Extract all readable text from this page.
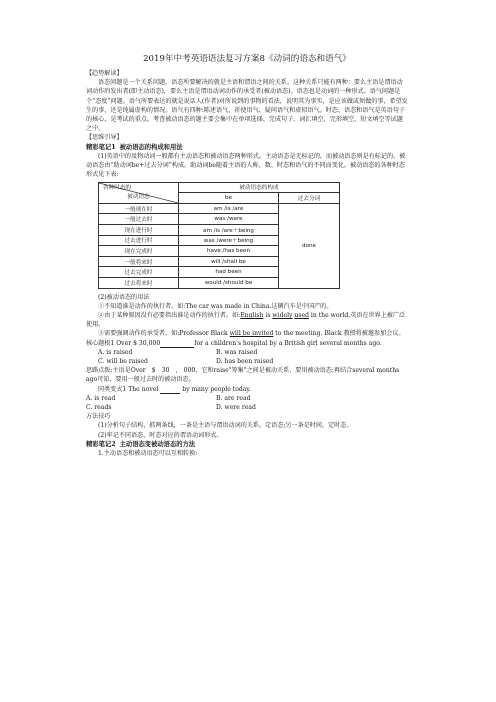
2019年中考英语语法复习方案8《动词的语态和语气》

【趋势解读】

语态问题是一个关系问题，语态所要解决的就是主语和谓语之间的关系。这种关系只能有两种：要么主语是谓语动词动作的发出者(即主动语态)，要么主语是谓语动词动作的承受者(被动语态)。语态也是动词的一种形式。语气问题是个“态度”问题。语气所要表达的就是说话人(作者)对所说到的事物的看法，说明其为事实，是应该做或须做的事，希望发生的事，还是纯属虚构的情况。语气有四种:陈述语气、祈使语气、疑问语气和虚拟语气。时态、语态和语气是英语句子的核心，是考试的重点。考查被动语态的题主要会集中在单项选择、完成句子、词汇填空、完形填空、短文填空等试题之中。

【思维引导】

精彩笔记1 被动语态的构成和用法

(1)英语中的及物动词一般都有主动语态和被动语态两种形式。主动语态是无标记的，而被动语态则是有标记的。被动语态由“助动词be+过去分词”构成。助动词be随着主语的人称、数、时态和语气的不同而变化。被动语态的各种时态形式见下表:

各种时态的
被动语态	被动语态的构成	
	be	过去分词
一般现在时	am /is /are	done
一般过去时	was /were	
现在进行时	am /is /are＋being	
过去进行时	was /were＋being	
现在完成时	have /has been	
一般将来时	will /shall be	
过去完成时	had been	
过去将来时	would /should be	

(2)被动语态的用法

①不知道谁是动作的执行者。如:The car was made in China.这辆汽车是中国产的。

②由于某种原因没有必要指出谁是动作的执行者。如:English is widely used in the world.英语在世界上被广泛使用。

③需要强调动作的承受者。如:Professor Black will be invited to the meeting. Black 教授将被邀参加会议。

核心题根1 Over $ 30,000	for a children's hospital by a British girl several months ago.

A. is raised	B. was raised
C. will be raised	D. has been raised

思路点拨:主语是Over　$　30　,　000，它和raise"筹集"之间是被动关系，要用被动语态;再结合several months ago可知，要用一般过去时的被动语态。

同类变式1 The novel	by many people today.

A. is read	B. are read
C. reads	D. were read

方法技巧

(1)分析句子结构，抓两条线，一条是主语与谓语动词的关系，定语态;另一条是时间，定时态。

(2)牢记不同语态、时态对应的谓语动词形式。

精彩笔记2 主动语态变被动语态的方法

1.主动语态和被动语态可以互相转换:
